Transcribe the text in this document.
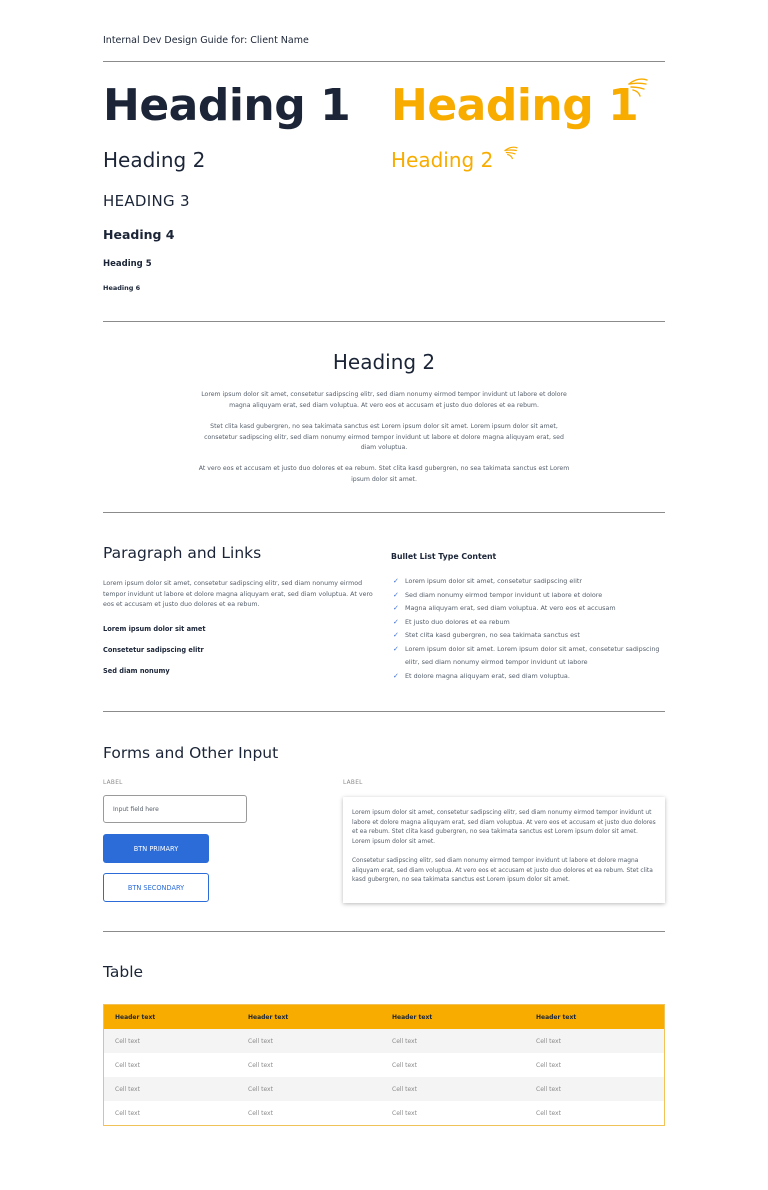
Internal Dev Design Guide for: Client Name
Heading 1
Heading 2
HEADING 3
Heading 4
Heading 5
Heading 6
Heading 1
Heading 2
Heading 2

Lorem ipsum dolor sit amet, consetetur sadipscing elitr, sed diam nonumy eirmod tempor invidunt ut labore et dolore magna aliquyam erat, sed diam voluptua. At vero eos et accusam et justo duo dolores et ea rebum.

Stet clita kasd gubergren, no sea takimata sanctus est Lorem ipsum dolor sit amet. Lorem ipsum dolor sit amet, consetetur sadipscing elitr, sed diam nonumy eirmod tempor invidunt ut labore et dolore magna aliquyam erat, sed diam voluptua.

At vero eos et accusam et justo duo dolores et ea rebum. Stet clita kasd gubergren, no sea takimata sanctus est Lorem ipsum dolor sit amet.

Paragraph and Links

Lorem ipsum dolor sit amet, consetetur sadipscing elitr, sed diam nonumy eirmod tempor invidunt ut labore et dolore magna aliquyam erat, sed diam voluptua. At vero eos et accusam et justo duo dolores et ea rebum.

Lorem ipsum dolor sit amet
Consetetur sadipscing elitr
Sed diam nonumy
Bullet List Type Content
✓ Lorem ipsum dolor sit amet, consetetur sadipscing elitr
✓ Sed diam nonumy eirmod tempor invidunt ut labore et dolore
✓ Magna aliquyam erat, sed diam voluptua. At vero eos et accusam
✓ Et justo duo dolores et ea rebum
✓ Stet clita kasd gubergren, no sea takimata sanctus est
✓ Lorem ipsum dolor sit amet. Lorem ipsum dolor sit amet, consetetur sadipscing elitr, sed diam nonumy eirmod tempor invidunt ut labore
✓ Et dolore magna aliquyam erat, sed diam voluptua.
Forms and Other Input
LABEL
Input field here
BTN PRIMARY
BTN SECONDARY
LABEL

Lorem ipsum dolor sit amet, consetetur sadipscing elitr, sed diam nonumy eirmod tempor invidunt ut labore et dolore magna aliquyam erat, sed diam voluptua. At vero eos et accusam et justo duo dolores et ea rebum. Stet clita kasd gubergren, no sea takimata sanctus est Lorem ipsum dolor sit amet. Lorem ipsum dolor sit amet.

Consetetur sadipscing elitr, sed diam nonumy eirmod tempor invidunt ut labore et dolore magna aliquyam erat, sed diam voluptua. At vero eos et accusam et justo duo dolores et ea rebum. Stet clita kasd gubergren, no sea takimata sanctus est Lorem ipsum dolor sit amet.

Table
Header text	Header text	Header text	Header text
Cell text	Cell text	Cell text	Cell text
Cell text	Cell text	Cell text	Cell text
Cell text	Cell text	Cell text	Cell text
Cell text	Cell text	Cell text	Cell text
